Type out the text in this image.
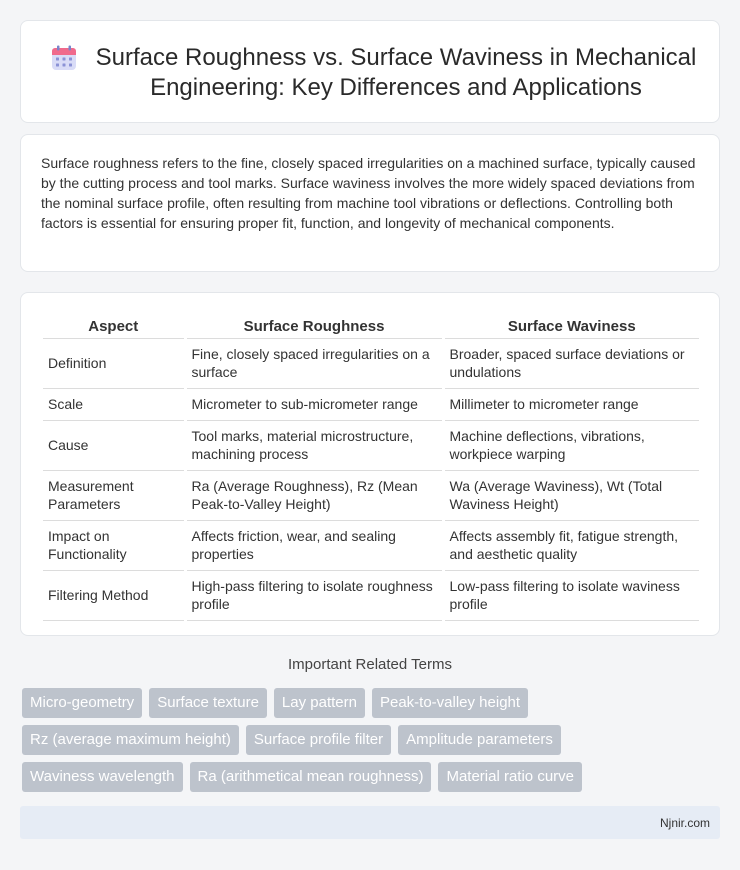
Surface Roughness vs. Surface Waviness in Mechanical Engineering: Key Differences and Applications

Surface roughness refers to the fine, closely spaced irregularities on a machined surface, typically caused by the cutting process and tool marks. Surface waviness involves the more widely spaced deviations from the nominal surface profile, often resulting from machine tool vibrations or deflections. Controlling both factors is essential for ensuring proper fit, function, and longevity of mechanical components.

Aspect	Surface Roughness	Surface Waviness
Definition	Fine, closely spaced irregularities on a surface	Broader, spaced surface deviations or undulations
Scale	Micrometer to sub-micrometer range	Millimeter to micrometer range
Cause	Tool marks, material microstructure, machining process	Machine deflections, vibrations, workpiece warping
Measurement Parameters	Ra (Average Roughness), Rz (Mean Peak-to-Valley Height)	Wa (Average Waviness), Wt (Total Waviness Height)
Impact on Functionality	Affects friction, wear, and sealing properties	Affects assembly fit, fatigue strength, and aesthetic quality
Filtering Method	High-pass filtering to isolate roughness profile	Low-pass filtering to isolate waviness profile
Important Related Terms
Micro-geometry	Surface texture	Lay pattern	Peak-to-valley height
Rz (average maximum height)	Surface profile filter	Amplitude parameters
Waviness wavelength	Ra (arithmetical mean roughness)	Material ratio curve
Njnir.com
